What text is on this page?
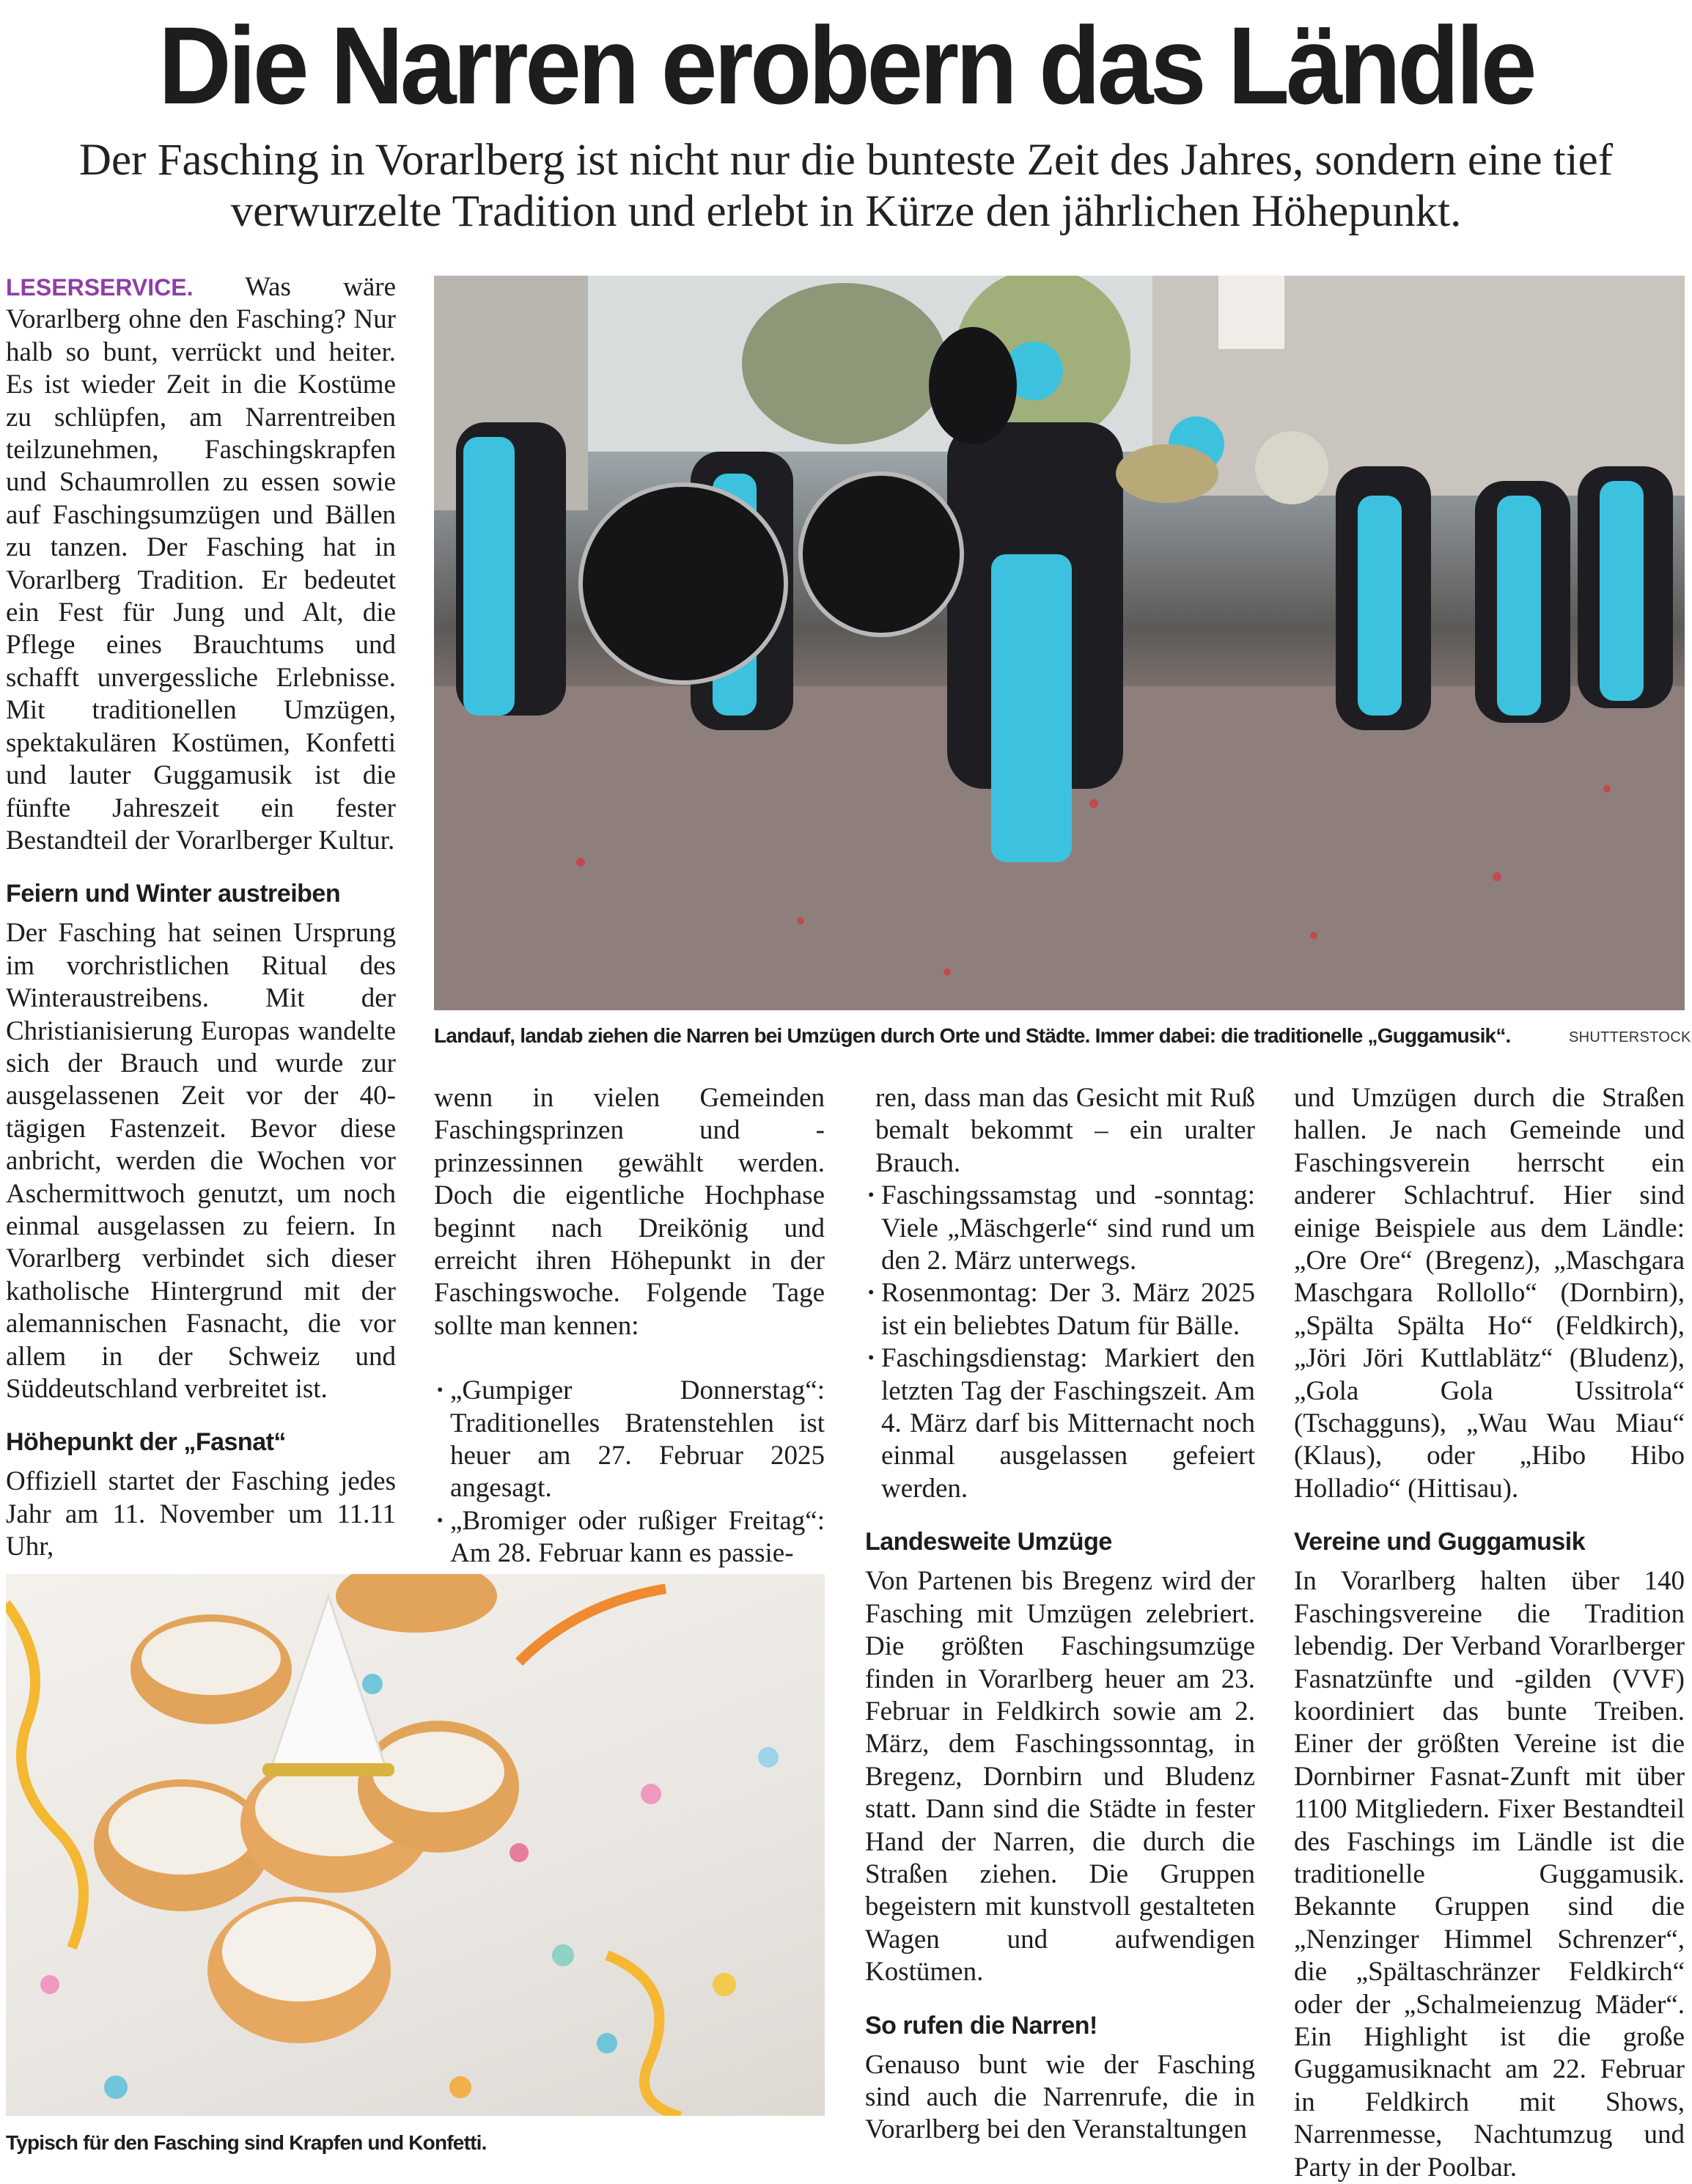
Die Narren erobern das Ländle
Der Fasching in Vorarlberg ist nicht nur die bunteste Zeit des Jahres, sondern eine tief verwurzelte Tradition und erlebt in Kürze den jährlichen Höhepunkt.

LESERSERVICE. Was wäre Vorarlberg ohne den Fasching? Nur halb so bunt, verrückt und heiter. Es ist wieder Zeit in die Kostüme zu schlüpfen, am Narrentreiben teilzunehmen, Faschingskrapfen und Schaumrollen zu essen sowie auf Faschingsumzügen und Bällen zu tanzen. Der Fasching hat in Vorarlberg Tradition. Er bedeutet ein Fest für Jung und Alt, die Pflege eines Brauchtums und schafft unvergessliche Erlebnisse. Mit traditionellen Umzügen, spektakulären Kostümen, Konfetti und lauter Guggamusik ist die fünfte Jahreszeit ein fester Bestandteil der Vorarlberger Kultur.

Feiern und Winter austreiben

Der Fasching hat seinen Ursprung im vorchristlichen Ritual des Winteraustreibens. Mit der Christianisierung Europas wandelte sich der Brauch und wurde zur ausgelassenen Zeit vor der 40-tägigen Fastenzeit. Bevor diese anbricht, werden die Wochen vor Aschermittwoch genutzt, um noch einmal ausgelassen zu feiern. In Vorarlberg verbindet sich dieser katholische Hintergrund mit der alemannischen Fasnacht, die vor allem in der Schweiz und Süddeutschland verbreitet ist.

Höhepunkt der „Fasnat“

Offiziell startet der Fasching jedes Jahr am 11. November um 11.11 Uhr,

Landauf, landab ziehen die Narren bei Umzügen durch Orte und Städte. Immer dabei: die traditionelle „Guggamusik“.	SHUTTERSTOCK

wenn in vielen Gemeinden Faschingsprinzen und -prinzessinnen gewählt werden. Doch die eigentliche Hochphase beginnt nach Dreikönig und erreicht ihren Höhepunkt in der Faschingswoche. Folgende Tage sollte man kennen:

· „Gumpiger Donnerstag“: Traditionelles Bratenstehlen ist heuer am 27. Februar 2025 angesagt.
· „Bromiger oder rußiger Freitag“: Am 28. Februar kann es passie-

ren, dass man das Gesicht mit Ruß bemalt bekommt – ein uralter Brauch.

· Faschingssamstag und -sonntag: Viele „Mäschgerle“ sind rund um den 2. März unterwegs.
· Rosenmontag: Der 3. März 2025 ist ein beliebtes Datum für Bälle.
· Faschingsdienstag: Markiert den letzten Tag der Faschingszeit. Am 4. März darf bis Mitternacht noch einmal ausgelassen gefeiert werden.
Landesweite Umzüge

Von Partenen bis Bregenz wird der Fasching mit Umzügen zelebriert. Die größten Faschingsumzüge finden in Vorarlberg heuer am 23. Februar in Feldkirch sowie am 2. März, dem Faschingssonntag, in Bregenz, Dornbirn und Bludenz statt. Dann sind die Städte in fester Hand der Narren, die durch die Straßen ziehen. Die Gruppen begeistern mit kunstvoll gestalteten Wagen und aufwendigen Kostümen.

So rufen die Narren!

Genauso bunt wie der Fasching sind auch die Narrenrufe, die in Vorarlberg bei den Veranstaltungen

und Umzügen durch die Straßen hallen. Je nach Gemeinde und Faschingsverein herrscht ein anderer Schlachtruf. Hier sind einige Beispiele aus dem Ländle: „Ore Ore“ (Bregenz), „Maschgara Maschgara Rollollo“ (Dornbirn), „Spälta Spälta Ho“ (Feldkirch), „Jöri Jöri Kuttlablätz“ (Bludenz), „Gola Gola Ussitrola“ (Tschagguns), „Wau Wau Miau“ (Klaus), oder „Hibo Hibo Holladio“ (Hittisau).

Vereine und Guggamusik

In Vorarlberg halten über 140 Faschingsvereine die Tradition lebendig. Der Verband Vorarlberger Fasnatzünfte und -gilden (VVF) koordiniert das bunte Treiben. Einer der größten Vereine ist die Dornbirner Fasnat-Zunft mit über 1100 Mitgliedern. Fixer Bestandteil des Faschings im Ländle ist die traditionelle Guggamusik. Bekannte Gruppen sind die „Nenzinger Himmel Schrenzer“, die „Spältaschränzer Feldkirch“ oder der „Schalmeienzug Mäder“. Ein Highlight ist die große Guggamusiknacht am 22. Februar in Feldkirch mit Shows, Narrenmesse, Nachtumzug und Party in der Poolbar.

Typisch für den Fasching sind Krapfen und Konfetti.
